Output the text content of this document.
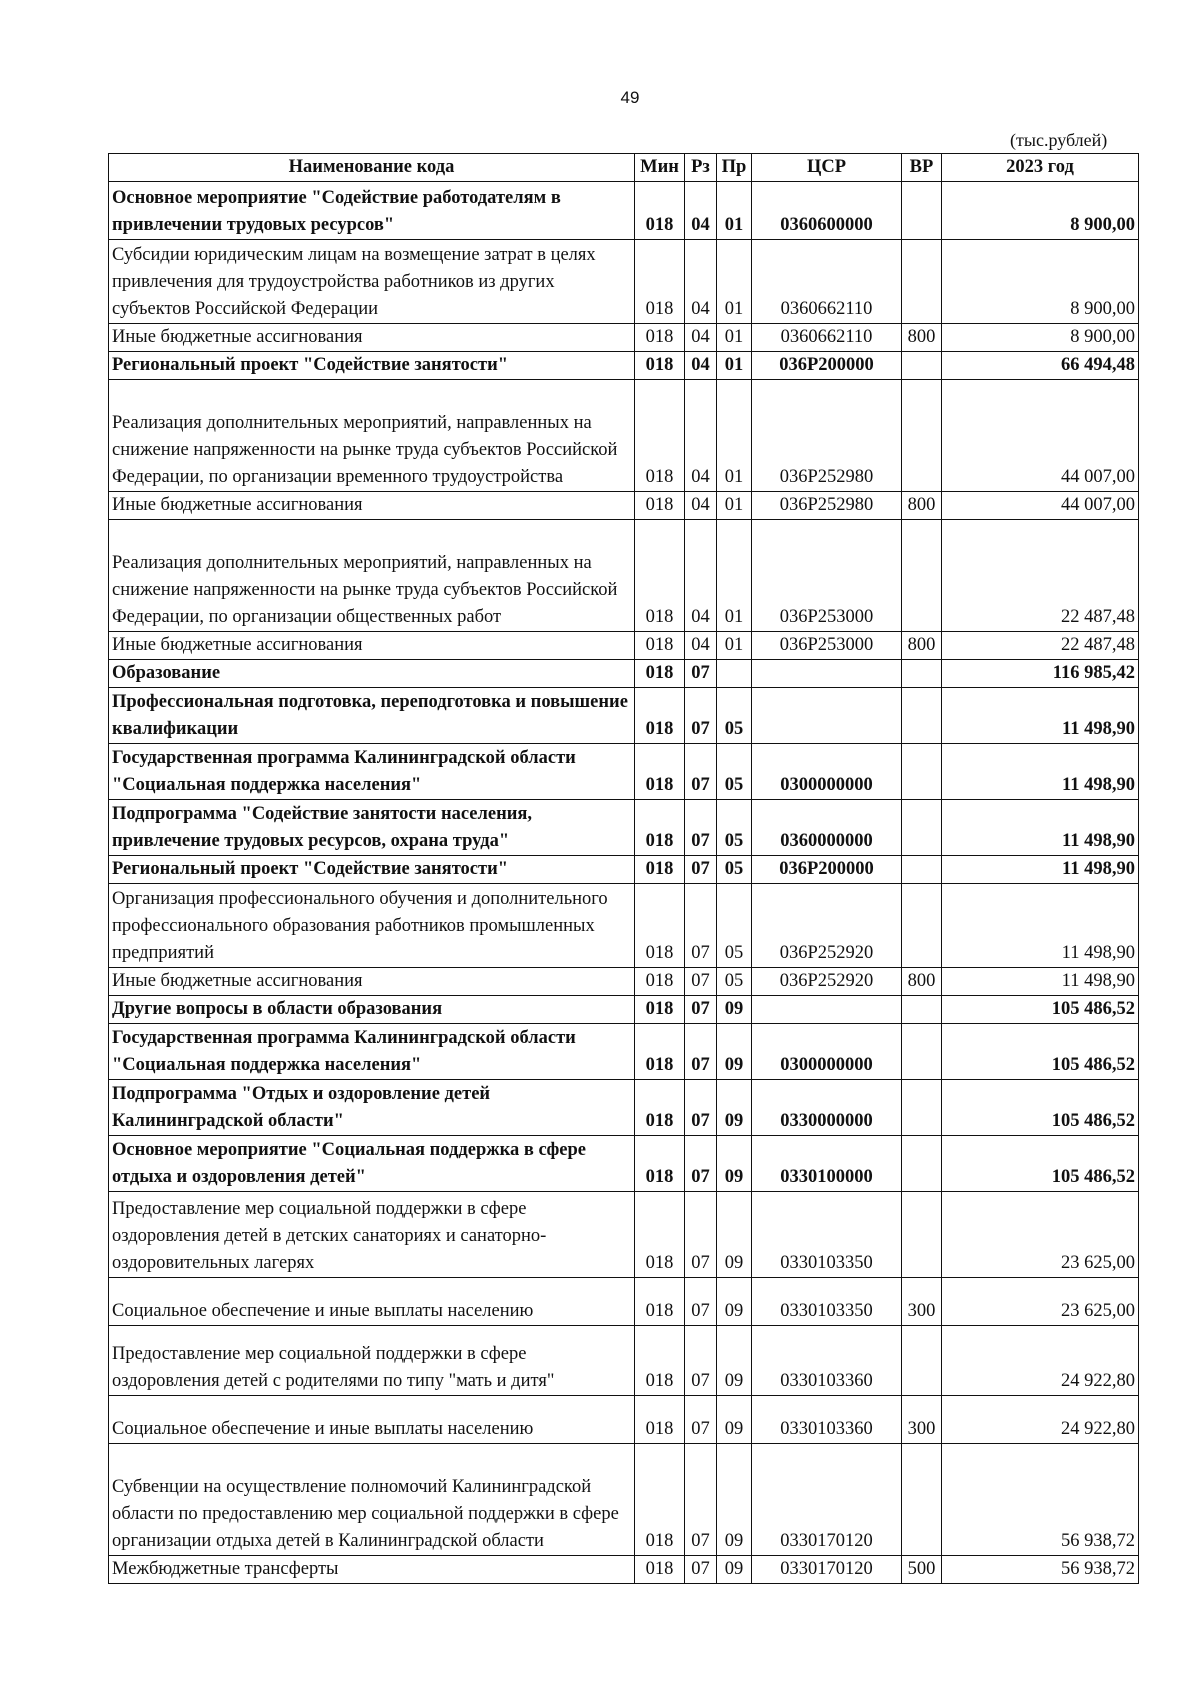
49
(тыс.рублей)
Наименование кода	Мин	Рз	Пр	ЦСР	ВР	2023 год
Основное мероприятие "Содействие работодателям в привлечении трудовых ресурсов"	018	04	01	0360600000		8 900,00
Субсидии юридическим лицам на возмещение затрат в целях привлечения для трудоустройства работников из других субъектов Российской Федерации	018	04	01	0360662110		8 900,00
Иные бюджетные ассигнования	018	04	01	0360662110	800	8 900,00
Региональный проект "Содействие занятости"	018	04	01	036P200000		66 494,48
Реализация дополнительных мероприятий, направленных на снижение напряженности на рынке труда субъектов Российской Федерации, по организации временного трудоустройства	018	04	01	036P252980		44 007,00
Иные бюджетные ассигнования	018	04	01	036P252980	800	44 007,00
Реализация дополнительных мероприятий, направленных на снижение напряженности на рынке труда субъектов Российской Федерации, по организации общественных работ	018	04	01	036P253000		22 487,48
Иные бюджетные ассигнования	018	04	01	036P253000	800	22 487,48
Образование	018	07				116 985,42
Профессиональная подготовка, переподготовка и повышение квалификации	018	07	05			11 498,90
Государственная программа Калининградской области "Социальная поддержка населения"	018	07	05	0300000000		11 498,90
Подпрограмма "Содействие занятости населения, привлечение трудовых ресурсов, охрана труда"	018	07	05	0360000000		11 498,90
Региональный проект "Содействие занятости"	018	07	05	036P200000		11 498,90
Организация профессионального обучения и дополнительного профессионального образования работников промышленных предприятий	018	07	05	036P252920		11 498,90
Иные бюджетные ассигнования	018	07	05	036P252920	800	11 498,90
Другие вопросы в области образования	018	07	09			105 486,52
Государственная программа Калининградской области "Социальная поддержка населения"	018	07	09	0300000000		105 486,52
Подпрограмма "Отдых и оздоровление детей Калининградской области"	018	07	09	0330000000		105 486,52
Основное мероприятие "Социальная поддержка в сфере отдыха и оздоровления детей"	018	07	09	0330100000		105 486,52
Предоставление мер социальной поддержки в сфере оздоровления детей в детских санаториях и санаторно-оздоровительных лагерях	018	07	09	0330103350		23 625,00
Социальное обеспечение и иные выплаты населению	018	07	09	0330103350	300	23 625,00
Предоставление мер социальной поддержки в сфере оздоровления детей с родителями по типу "мать и дитя"	018	07	09	0330103360		24 922,80
Социальное обеспечение и иные выплаты населению	018	07	09	0330103360	300	24 922,80
Субвенции на осуществление полномочий Калининградской области по предоставлению мер социальной поддержки в сфере организации отдыха детей в Калининградской области	018	07	09	0330170120		56 938,72
Межбюджетные трансферты	018	07	09	0330170120	500	56 938,72
